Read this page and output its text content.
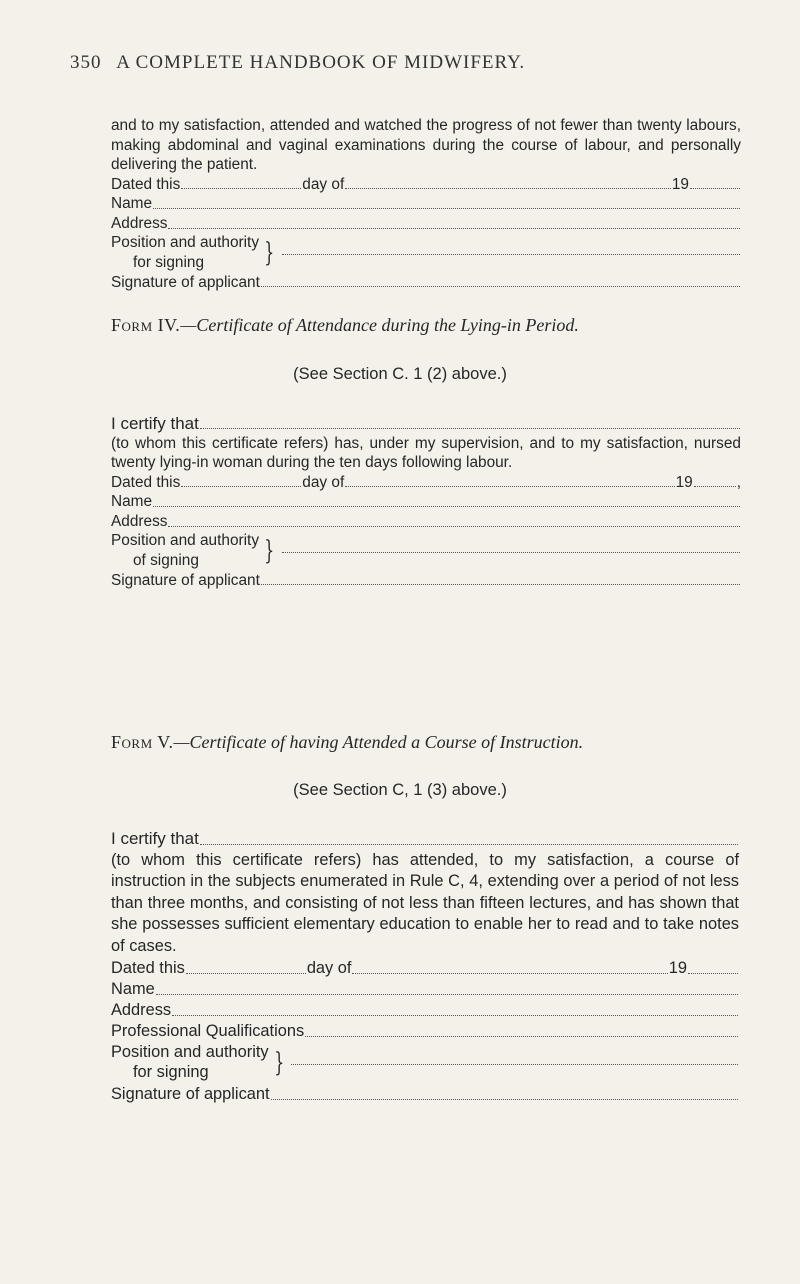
350 A COMPLETE HANDBOOK OF MIDWIFERY.

and to my satisfaction, attended and watched the progress of not fewer than twenty labours, making abdominal and vaginal examinations during the course of labour, and personally delivering the patient.

Dated this	day of	19
Name
Address
Position and authority
for signing	}
Signature of applicant
Form IV.—Certificate of Attendance during the Lying-in Period.
(See Section C. 1 (2) above.)
I certify that

(to whom this certificate refers) has, under my supervision, and to my satisfaction, nursed twenty lying-in woman during the ten days following labour.

Dated this	day of	19	,
Name
Address
Position and authority
of signing	}
Signature of applicant
Form V.—Certificate of having Attended a Course of Instruction.
(See Section C, 1 (3) above.)
I certify that

(to whom this certificate refers) has attended, to my satisfaction, a course of instruction in the subjects enumerated in Rule C, 4, extending over a period of not less than three months, and consisting of not less than fifteen lectures, and has shown that she possesses sufficient elementary education to enable her to read and to take notes of cases.

Dated this	day of	19
Name
Address
Professional Qualifications
Position and authority
for signing	}
Signature of applicant
